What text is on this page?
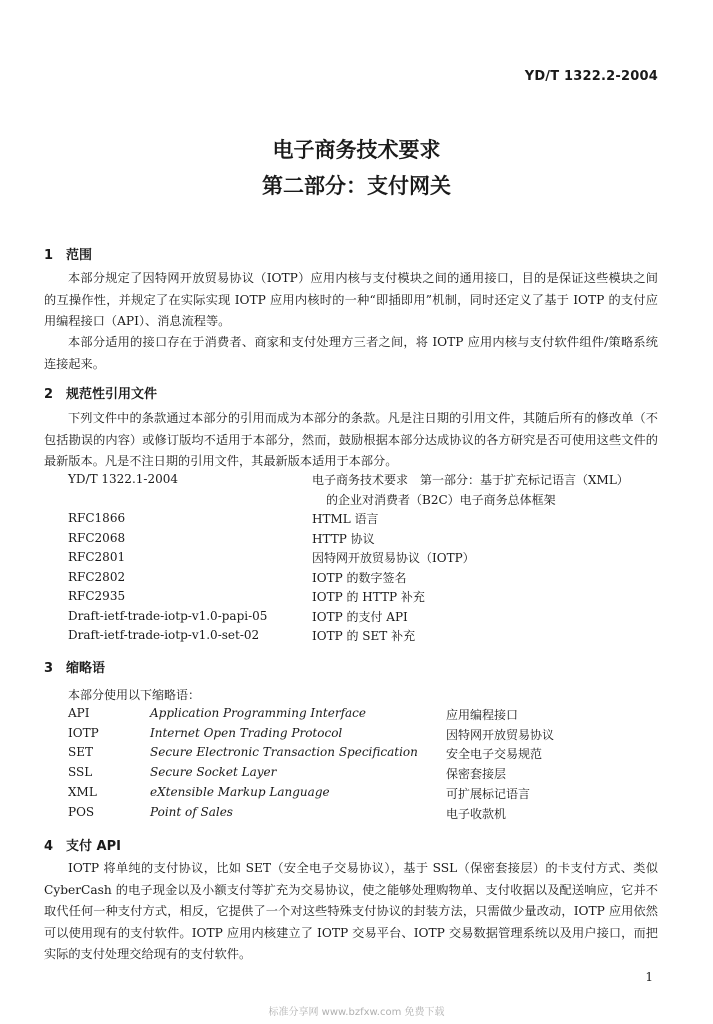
YD/T 1322.2-2004
电子商务技术要求
第二部分：支付网关
1 范围

本部分规定了因特网开放贸易协议（IOTP）应用内核与支付模块之间的通用接口，目的是保证这些模块之间的互操作性，并规定了在实际实现 IOTP 应用内核时的一种“即插即用”机制，同时还定义了基于 IOTP 的支付应用编程接口（API）、消息流程等。

本部分适用的接口存在于消费者、商家和支付处理方三者之间，将 IOTP 应用内核与支付软件组件/策略系统连接起来。

2 规范性引用文件

下列文件中的条款通过本部分的引用而成为本部分的条款。凡是注日期的引用文件，其随后所有的修改单（不包括勘误的内容）或修订版均不适用于本部分，然而，鼓励根据本部分达成协议的各方研究是否可使用这些文件的最新版本。凡是不注日期的引用文件，其最新版本适用于本部分。

YD/T 1322.1-2004	电子商务技术要求　第一部分：基于扩充标记语言（XML）
的企业对消费者（B2C）电子商务总体框架
RFC1866	HTML 语言
RFC2068	HTTP 协议
RFC2801	因特网开放贸易协议（IOTP）
RFC2802	IOTP 的数字签名
RFC2935	IOTP 的 HTTP 补充
Draft-ietf-trade-iotp-v1.0-papi-05	IOTP 的支付 API
Draft-ietf-trade-iotp-v1.0-set-02	IOTP 的 SET 补充
3 缩略语
本部分使用以下缩略语：
API	Application Programming Interface	应用编程接口
IOTP	Internet Open Trading Protocol	因特网开放贸易协议
SET	Secure Electronic Transaction Specification 安全电子交易规范
SSL	Secure Socket Layer	保密套接层
XML	eXtensible Markup Language	可扩展标记语言
POS	Point of Sales	电子收款机
4 支付 API

IOTP 将单纯的支付协议，比如 SET（安全电子交易协议），基于 SSL（保密套接层）的卡支付方式、类似 CyberCash 的电子现金以及小额支付等扩充为交易协议，使之能够处理购物单、支付收据以及配送响应，它并不取代任何一种支付方式，相反，它提供了一个对这些特殊支付协议的封装方法，只需做少量改动，IOTP 应用依然可以使用现有的支付软件。IOTP 应用内核建立了 IOTP 交易平台、IOTP 交易数据管理系统以及用户接口，而把实际的支付处理交给现有的支付软件。

1
标准分享网 www.bzfxw.com 免费下载
